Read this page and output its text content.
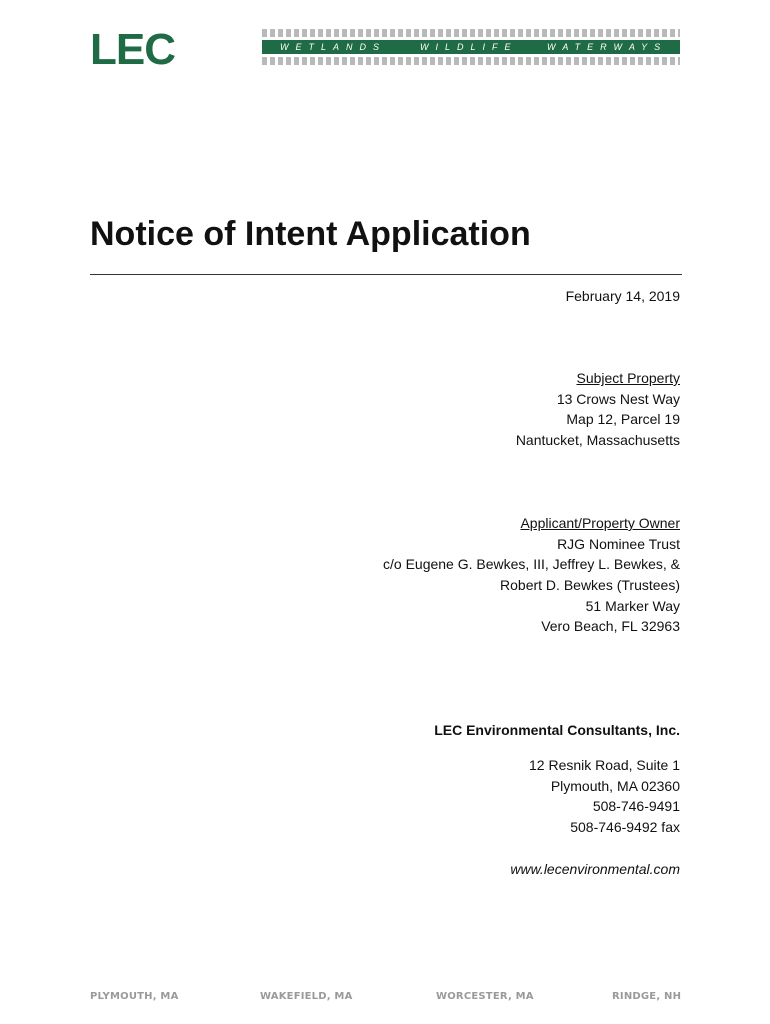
LEC	WETLANDS	WILDLIFE	WATERWAYS
Notice of Intent Application
February 14, 2019
Subject Property
13 Crows Nest Way
Map 12, Parcel 19
Nantucket, Massachusetts
Applicant/Property Owner
RJG Nominee Trust
c/o Eugene G. Bewkes, III, Jeffrey L. Bewkes, &
Robert D. Bewkes (Trustees)
51 Marker Way
Vero Beach, FL 32963
LEC Environmental Consultants, Inc.
12 Resnik Road, Suite 1
Plymouth, MA 02360
508-746-9491
508-746-9492 fax
www.lecenvironmental.com
PLYMOUTH, MA	WAKEFIELD, MA	WORCESTER, MA	RINDGE, NH
